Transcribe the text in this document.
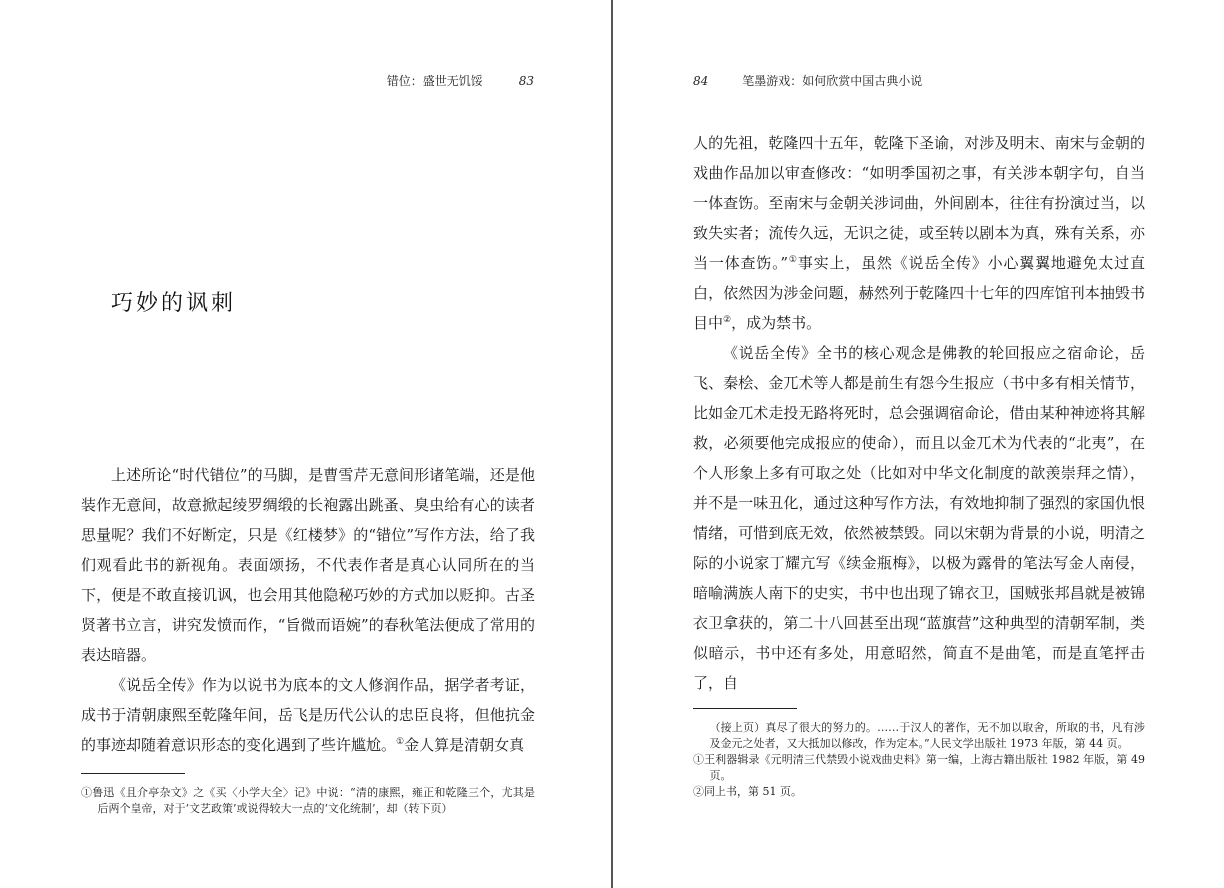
错位：盛世无饥馁	83
巧妙的讽刺

上述所论“时代错位”的马脚，是曹雪芹无意间形诸笔端，还是他装作无意间，故意掀起绫罗绸缎的长袍露出跳蚤、臭虫给有心的读者思量呢？我们不好断定，只是《红楼梦》的“错位”写作方法，给了我们观看此书的新视角。表面颂扬，不代表作者是真心认同所在的当下，便是不敢直接讥讽，也会用其他隐秘巧妙的方式加以贬抑。古圣贤著书立言，讲究发愤而作，“旨微而语婉”的春秋笔法便成了常用的表达暗器。

《说岳全传》作为以说书为底本的文人修润作品，据学者考证，成书于清朝康熙至乾隆年间，岳飞是历代公认的忠臣良将，但他抗金的事迹却随着意识形态的变化遇到了些许尴尬。①金人算是清朝女真

①鲁迅《且介亭杂文》之《买〈小学大全〉记》中说：“清的康熙，雍正和乾隆三个，尤其是后两个皇帝，对于‘文艺政策’或说得较大一点的‘文化统制’，却（转下页）

84	笔墨游戏：如何欣赏中国古典小说

人的先祖，乾隆四十五年，乾隆下圣谕，对涉及明末、南宋与金朝的戏曲作品加以审查修改：“如明季国初之事，有关涉本朝字句，自当一体查饬。至南宋与金朝关涉词曲，外间剧本，往往有扮演过当，以致失实者；流传久远，无识之徒，或至转以剧本为真，殊有关系，亦当一体查饬。”①事实上，虽然《说岳全传》小心翼翼地避免太过直白，依然因为涉金问题，赫然列于乾隆四十七年的四库馆刊本抽毁书目中②，成为禁书。

《说岳全传》全书的核心观念是佛教的轮回报应之宿命论，岳飞、秦桧、金兀术等人都是前生有怨今生报应（书中多有相关情节，比如金兀术走投无路将死时，总会强调宿命论，借由某种神迹将其解救，必须要他完成报应的使命），而且以金兀术为代表的“北夷”，在个人形象上多有可取之处（比如对中华文化制度的歆羡崇拜之情），并不是一味丑化，通过这种写作方法，有效地抑制了强烈的家国仇恨情绪，可惜到底无效，依然被禁毁。同以宋朝为背景的小说，明清之际的小说家丁耀亢写《续金瓶梅》，以极为露骨的笔法写金人南侵，暗喻满族人南下的史实，书中也出现了锦衣卫，国贼张邦昌就是被锦衣卫拿获的，第二十八回甚至出现“蓝旗营”这种典型的清朝军制，类似暗示，书中还有多处，用意昭然，简直不是曲笔，而是直笔抨击了，自

（接上页）真尽了很大的努力的。……于汉人的著作，无不加以取舍，所取的书，凡有涉及金元之处者，又大抵加以修改，作为定本。”人民文学出版社 1973 年版，第 44 页。

①王利器辑录《元明清三代禁毁小说戏曲史料》第一编，上海古籍出版社 1982 年版，第 49 页。

②同上书，第 51 页。
